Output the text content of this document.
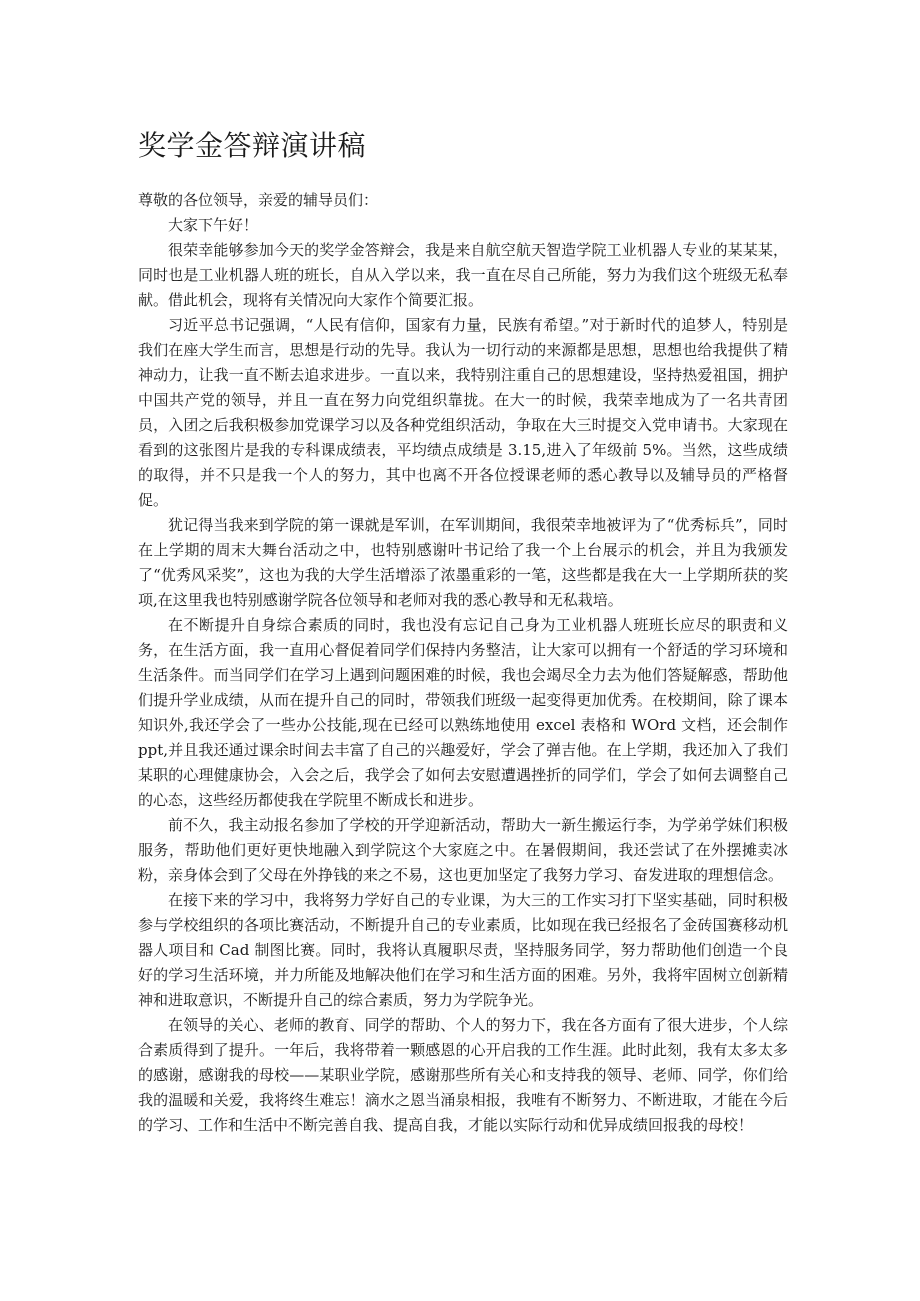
奖学金答辩演讲稿

尊敬的各位领导，亲爱的辅导员们：

大家下午好！

很荣幸能够参加今天的奖学金答辩会，我是来自航空航天智造学院工业机器人专业的某某某，同时也是工业机器人班的班长，自从入学以来，我一直在尽自己所能，努力为我们这个班级无私奉献。借此机会，现将有关情况向大家作个简要汇报。

习近平总书记强调，“人民有信仰，国家有力量，民族有希望。”对于新时代的追梦人，特别是我们在座大学生而言，思想是行动的先导。我认为一切行动的来源都是思想，思想也给我提供了精神动力，让我一直不断去追求进步。一直以来，我特别注重自己的思想建设，坚持热爱祖国，拥护中国共产党的领导，并且一直在努力向党组织靠拢。在大一的时候，我荣幸地成为了一名共青团员，入团之后我积极参加党课学习以及各种党组织活动，争取在大三时提交入党申请书。大家现在看到的这张图片是我的专科课成绩表，平均绩点成绩是 3.15,进入了年级前 5%。当然，这些成绩的取得，并不只是我一个人的努力，其中也离不开各位授课老师的悉心教导以及辅导员的严格督促。

犹记得当我来到学院的第一课就是军训，在军训期间，我很荣幸地被评为了“优秀标兵”，同时在上学期的周末大舞台活动之中，也特别感谢叶书记给了我一个上台展示的机会，并且为我颁发了“优秀风采奖”，这也为我的大学生活增添了浓墨重彩的一笔，这些都是我在大一上学期所获的奖项,在这里我也特别感谢学院各位领导和老师对我的悉心教导和无私栽培。

在不断提升自身综合素质的同时，我也没有忘记自己身为工业机器人班班长应尽的职责和义务，在生活方面，我一直用心督促着同学们保持内务整洁，让大家可以拥有一个舒适的学习环境和生活条件。而当同学们在学习上遇到问题困难的时候，我也会竭尽全力去为他们答疑解惑，帮助他们提升学业成绩，从而在提升自己的同时，带领我们班级一起变得更加优秀。在校期间，除了课本知识外,我还学会了一些办公技能,现在已经可以熟练地使用 excel 表格和 WOrd 文档，还会制作 ppt,并且我还通过课余时间去丰富了自己的兴趣爱好，学会了弹吉他。在上学期，我还加入了我们某职的心理健康协会，入会之后，我学会了如何去安慰遭遇挫折的同学们，学会了如何去调整自己的心态，这些经历都使我在学院里不断成长和进步。

前不久，我主动报名参加了学校的开学迎新活动，帮助大一新生搬运行李，为学弟学妹们积极服务，帮助他们更好更快地融入到学院这个大家庭之中。在暑假期间，我还尝试了在外摆摊卖冰粉，亲身体会到了父母在外挣钱的来之不易，这也更加坚定了我努力学习、奋发进取的理想信念。

在接下来的学习中，我将努力学好自己的专业课，为大三的工作实习打下坚实基础，同时积极参与学校组织的各项比赛活动，不断提升自己的专业素质，比如现在我已经报名了金砖国赛移动机器人项目和 Cad 制图比赛。同时，我将认真履职尽责，坚持服务同学，努力帮助他们创造一个良好的学习生活环境，并力所能及地解决他们在学习和生活方面的困难。另外，我将牢固树立创新精神和进取意识，不断提升自己的综合素质，努力为学院争光。

在领导的关心、老师的教育、同学的帮助、个人的努力下，我在各方面有了很大进步，个人综合素质得到了提升。一年后，我将带着一颗感恩的心开启我的工作生涯。此时此刻，我有太多太多的感谢，感谢我的母校——某职业学院，感谢那些所有关心和支持我的领导、老师、同学，你们给我的温暖和关爱，我将终生难忘！滴水之恩当涌泉相报，我唯有不断努力、不断进取，才能在今后的学习、工作和生活中不断完善自我、提高自我，才能以实际行动和优异成绩回报我的母校！
